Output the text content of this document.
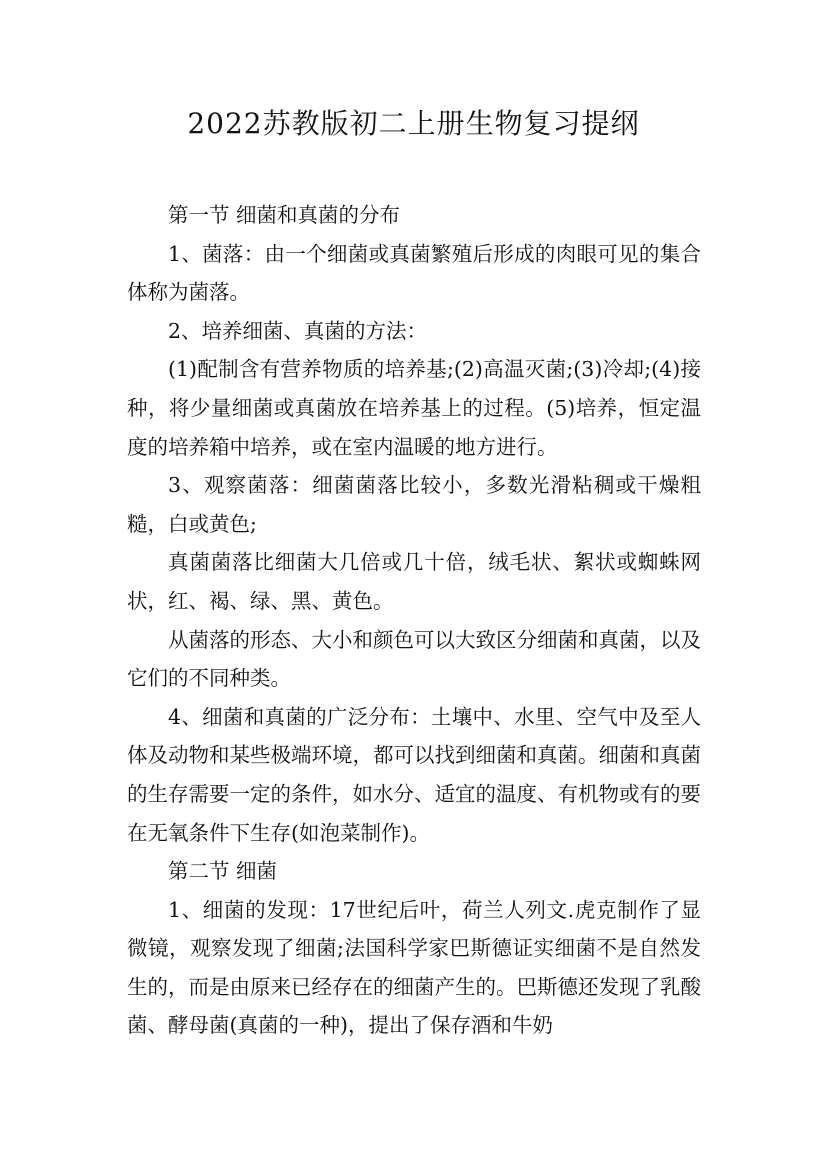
2022苏教版初二上册生物复习提纲

第一节 细菌和真菌的分布

1、菌落：由一个细菌或真菌繁殖后形成的肉眼可见的集合体称为菌落。

2、培养细菌、真菌的方法：

(1)配制含有营养物质的培养基;(2)高温灭菌;(3)冷却;(4)接种，将少量细菌或真菌放在培养基上的过程。(5)培养，恒定温度的培养箱中培养，或在室内温暖的地方进行。

3、观察菌落：细菌菌落比较小，多数光滑粘稠或干燥粗糙，白或黄色;

真菌菌落比细菌大几倍或几十倍，绒毛状、絮状或蜘蛛网状，红、褐、绿、黑、黄色。

从菌落的形态、大小和颜色可以大致区分细菌和真菌，以及它们的不同种类。

4、细菌和真菌的广泛分布：土壤中、水里、空气中及至人体及动物和某些极端环境，都可以找到细菌和真菌。细菌和真菌的生存需要一定的条件，如水分、适宜的温度、有机物或有的要在无氧条件下生存(如泡菜制作)。

第二节 细菌

1、细菌的发现：17世纪后叶，荷兰人列文.虎克制作了显微镜，观察发现了细菌;法国科学家巴斯德证实细菌不是自然发生的，而是由原来已经存在的细菌产生的。巴斯德还发现了乳酸菌、酵母菌(真菌的一种)，提出了保存酒和牛奶
